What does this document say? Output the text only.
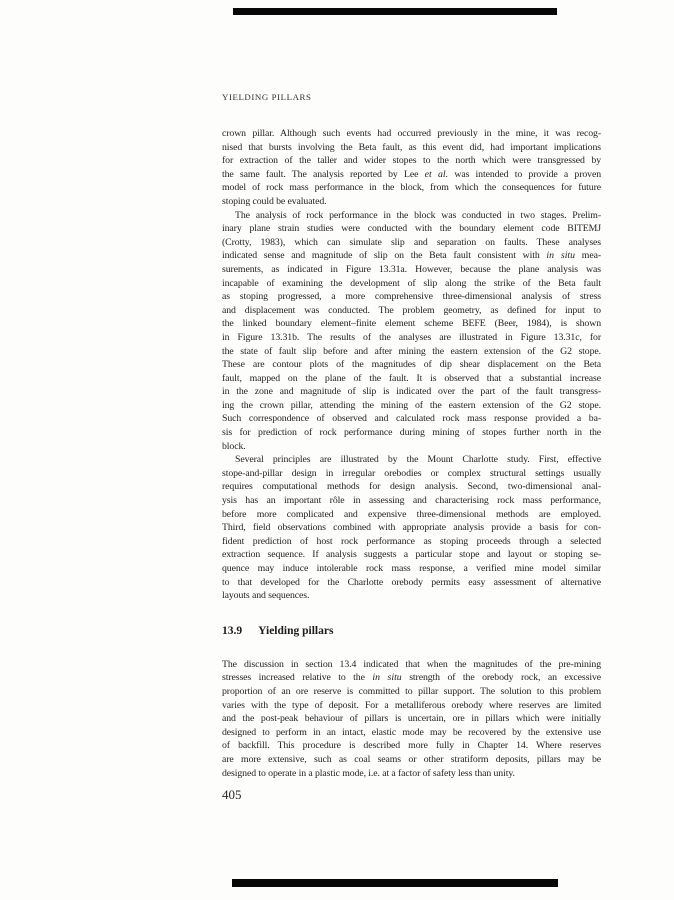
YIELDING PILLARS
crown pillar. Although such events had occurred previously in the mine, it was recog-
nised that bursts involving the Beta fault, as this event did, had important implications
for extraction of the taller and wider stopes to the north which were transgressed by
the same fault. The analysis reported by Lee et al. was intended to provide a proven
model of rock mass performance in the block, from which the consequences for future
stoping could be evaluated.
The analysis of rock performance in the block was conducted in two stages. Prelim-
inary plane strain studies were conducted with the boundary element code BITEMJ
(Crotty, 1983), which can simulate slip and separation on faults. These analyses
indicated sense and magnitude of slip on the Beta fault consistent with in situ mea-
surements, as indicated in Figure 13.31a. However, because the plane analysis was
incapable of examining the development of slip along the strike of the Beta fault
as stoping progressed, a more comprehensive three-dimensional analysis of stress
and displacement was conducted. The problem geometry, as defined for input to
the linked boundary element–finite element scheme BEFE (Beer, 1984), is shown
in Figure 13.31b. The results of the analyses are illustrated in Figure 13.31c, for
the state of fault slip before and after mining the eastern extension of the G2 stope.
These are contour plots of the magnitudes of dip shear displacement on the Beta
fault, mapped on the plane of the fault. It is observed that a substantial increase
in the zone and magnitude of slip is indicated over the part of the fault transgress-
ing the crown pillar, attending the mining of the eastern extension of the G2 stope.
Such correspondence of observed and calculated rock mass response provided a ba-
sis for prediction of rock performance during mining of stopes further north in the
block.
Several principles are illustrated by the Mount Charlotte study. First, effective
stope-and-pillar design in irregular orebodies or complex structural settings usually
requires computational methods for design analysis. Second, two-dimensional anal-
ysis has an important rôle in assessing and characterising rock mass performance,
before more complicated and expensive three-dimensional methods are employed.
Third, field observations combined with appropriate analysis provide a basis for con-
fident prediction of host rock performance as stoping proceeds through a selected
extraction sequence. If analysis suggests a particular stope and layout or stoping se-
quence may induce intolerable rock mass response, a verified mine model similar
to that developed for the Charlotte orebody permits easy assessment of alternative
layouts and sequences.
13.9 Yielding pillars
The discussion in section 13.4 indicated that when the magnitudes of the pre-mining
stresses increased relative to the in situ strength of the orebody rock, an excessive
proportion of an ore reserve is committed to pillar support. The solution to this problem
varies with the type of deposit. For a metalliferous orebody where reserves are limited
and the post-peak behaviour of pillars is uncertain, ore in pillars which were initially
designed to perform in an intact, elastic mode may be recovered by the extensive use
of backfill. This procedure is described more fully in Chapter 14. Where reserves
are more extensive, such as coal seams or other stratiform deposits, pillars may be
designed to operate in a plastic mode, i.e. at a factor of safety less than unity.
405
